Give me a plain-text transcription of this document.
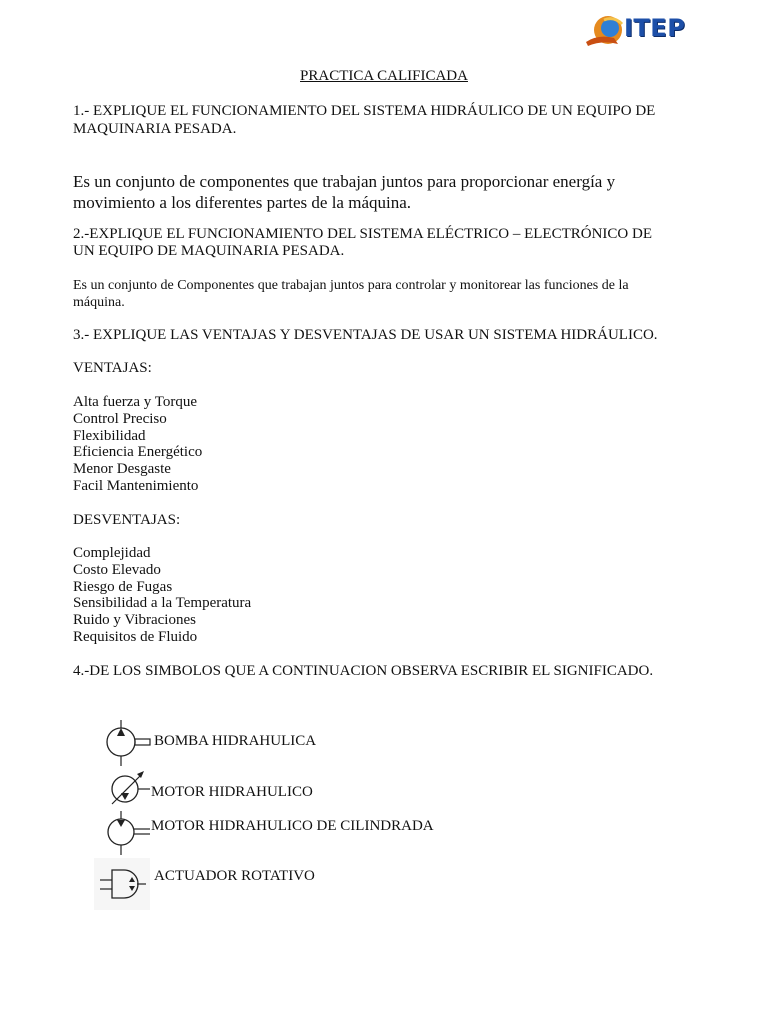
ITEP
PRACTICA CALIFICADA
1.- EXPLIQUE EL FUNCIONAMIENTO DEL SISTEMA HIDRÁULICO DE UN EQUIPO DE
MAQUINARIA PESADA.
Es un conjunto de componentes que trabajan juntos para proporcionar energía y
movimiento a los diferentes partes de la máquina.
2.-EXPLIQUE EL FUNCIONAMIENTO DEL SISTEMA ELÉCTRICO – ELECTRÓNICO DE
UN EQUIPO DE MAQUINARIA PESADA.
Es un conjunto de Componentes que trabajan juntos para controlar y monitorear las funciones de la
máquina.
3.- EXPLIQUE LAS VENTAJAS Y DESVENTAJAS DE USAR UN SISTEMA HIDRÁULICO.
VENTAJAS:
Alta fuerza y Torque
Control Preciso
Flexibilidad
Eficiencia Energético
Menor Desgaste
Facil Mantenimiento
DESVENTAJAS:
Complejidad
Costo Elevado
Riesgo de Fugas
Sensibilidad a la Temperatura
Ruido y Vibraciones
Requisitos de Fluido
4.-DE LOS SIMBOLOS QUE A CONTINUACION OBSERVA ESCRIBIR EL SIGNIFICADO.
BOMBA HIDRAHULICA
MOTOR HIDRAHULICO
MOTOR HIDRAHULICO DE CILINDRADA
ACTUADOR ROTATIVO
